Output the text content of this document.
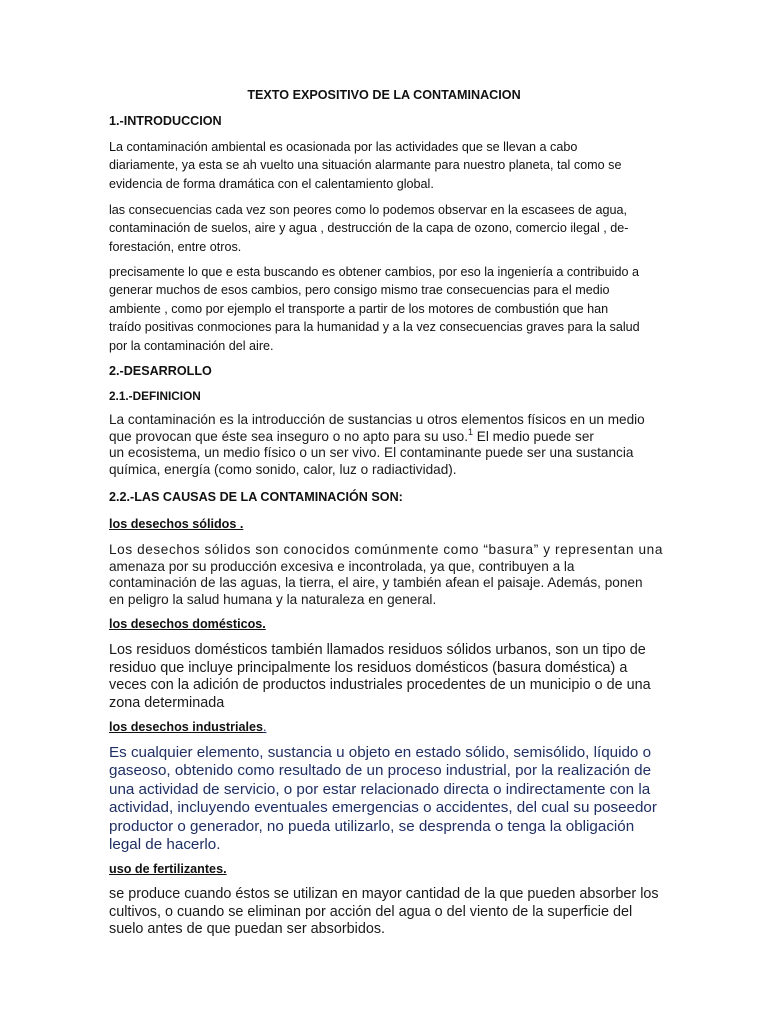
TEXTO EXPOSITIVO DE LA CONTAMINACION
1.-INTRODUCCION
La contaminación ambiental es ocasionada por las actividades que se llevan a cabo
diariamente, ya esta se ah vuelto una situación alarmante para nuestro planeta, tal como se
evidencia de forma dramática con el calentamiento global.
las consecuencias cada vez son peores como lo podemos observar en la escasees de agua,
contaminación de suelos, aire y agua , destrucción de la capa de ozono, comercio ilegal , de-
forestación, entre otros.
precisamente lo que e esta buscando es obtener cambios, por eso la ingeniería a contribuido a
generar muchos de esos cambios, pero consigo mismo trae consecuencias para el medio
ambiente , como por ejemplo el transporte a partir de los motores de combustión que han
traído positivas conmociones para la humanidad y a la vez consecuencias graves para la salud
por la contaminación del aire.
2.-DESARROLLO
2.1.-DEFINICION
La contaminación es la introducción de sustancias u otros elementos físicos en un medio
que provocan que éste sea inseguro o no apto para su uso.$^1$ El medio puede ser
un ecosistema, un medio físico o un ser vivo. El contaminante puede ser una sustancia
química, energía (como sonido, calor, luz o radiactividad).
2.2.-LAS CAUSAS DE LA CONTAMINACIÓN SON:
los desechos sólidos .
Los desechos sólidos son conocidos comúnmente como “basura” y representan una
amenaza por su producción excesiva e incontrolada, ya que, contribuyen a la
contaminación de las aguas, la tierra, el aire, y también afean el paisaje. Además, ponen
en peligro la salud humana y la naturaleza en general.
los desechos domésticos.
Los residuos domésticos también llamados residuos sólidos urbanos, son un tipo de
residuo que incluye principalmente los residuos domésticos (basura doméstica) a
veces con la adición de productos industriales procedentes de un municipio o de una
zona determinada
los desechos industriales.
Es cualquier elemento, sustancia u objeto en estado sólido, semisólido, líquido o
gaseoso, obtenido como resultado de un proceso industrial, por la realización de
una actividad de servicio, o por estar relacionado directa o indirectamente con la
actividad, incluyendo eventuales emergencias o accidentes, del cual su poseedor
productor o generador, no pueda utilizarlo, se desprenda o tenga la obligación
legal de hacerlo.
uso de fertilizantes.
se produce cuando éstos se utilizan en mayor cantidad de la que pueden absorber los
cultivos, o cuando se eliminan por acción del agua o del viento de la superficie del
suelo antes de que puedan ser absorbidos.
